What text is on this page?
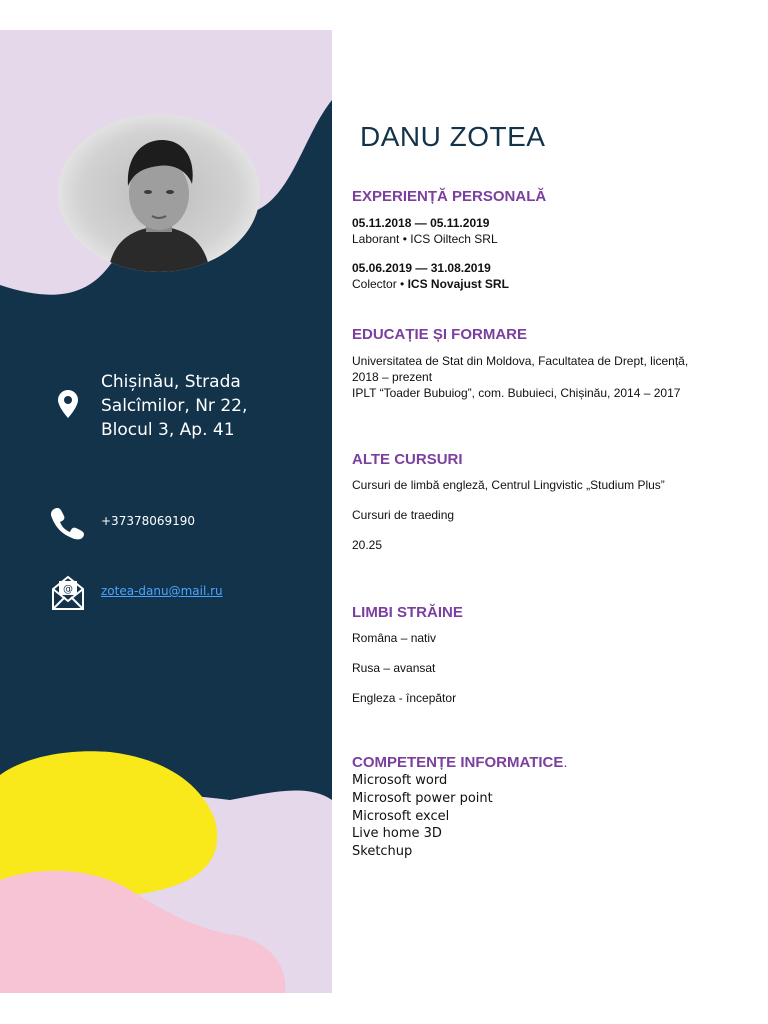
Chișinău, Strada Salcîmilor, Nr 22, Blocul 3, Ap. 41
+37378069190
@ zotea-danu@mail.ru
DANU ZOTEA
EXPERIENȚĂ PERSONALĂ
05.11.2018 — 05.11.2019
Laborant • ICS Oiltech SRL
05.06.2019 — 31.08.2019
Colector • ICS Novajust SRL
EDUCAȚIE ȘI FORMARE
Universitatea de Stat din Moldova, Facultatea de Drept, licență,
2018 – prezent
IPLT “Toader Bubuiog”, com. Bubuieci, Chișinău, 2014 – 2017
ALTE CURSURI
Cursuri de limbă engleză, Centrul Lingvistic „Studium Plus”
Cursuri de traeding
20.25
LIMBI STRĂINE
Româna – nativ
Rusa – avansat
Engleza - începător
COMPETENȚE INFORMATICE.
Microsoft word
Microsoft power point
Microsoft excel
Live home 3D
Sketchup
